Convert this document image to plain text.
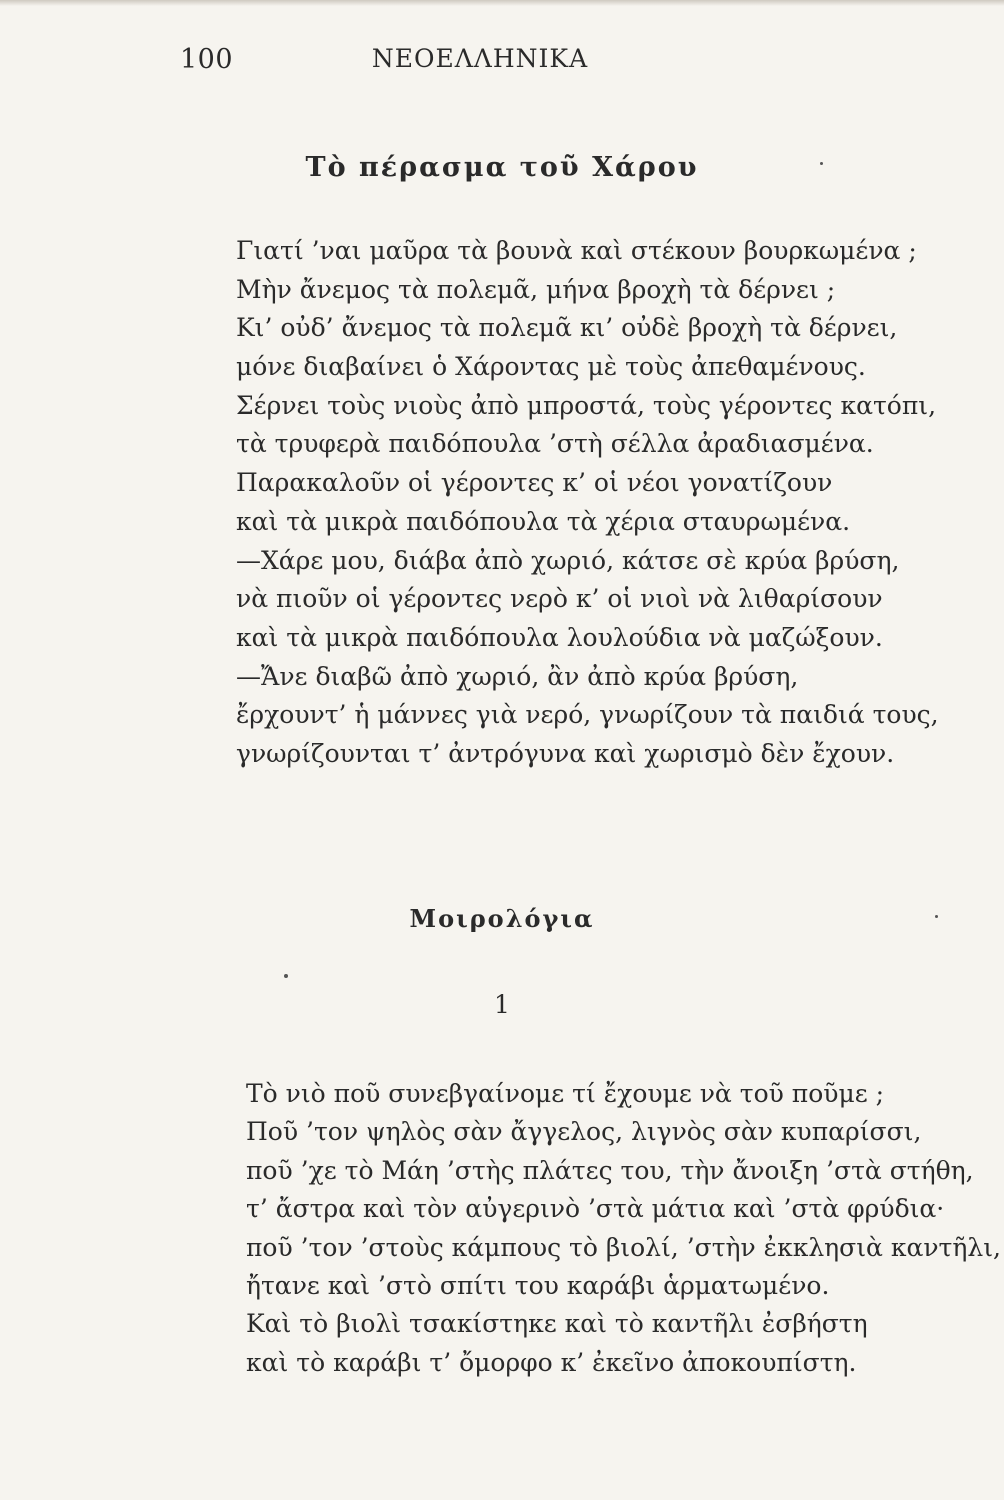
100	ΝΕΟΕΛΛΗΝΙΚΑ
Τὸ πέρασμα τοῦ Χάρου
Γιατί ’ναι μαῦρα τὰ βουνὰ καὶ στέκουν βουρκωμένα ;
Μὴν ἄνεμος τὰ πολεμᾶ, μήνα βροχὴ τὰ δέρνει ;
Κι’ οὐδ’ ἄνεμος τὰ πολεμᾶ κι’ οὐδὲ βροχὴ τὰ δέρνει,
μόνε διαβαίνει ὁ Χάροντας μὲ τοὺς ἀπεθαμένους.
Σέρνει τοὺς νιοὺς ἀπὸ μπροστά, τοὺς γέροντες κατόπι,
τὰ τρυφερὰ παιδόπουλα ’στὴ σέλλα ἀραδιασμένα.
Παρακαλοῦν οἱ γέροντες κ’ οἱ νέοι γονατίζουν
καὶ τὰ μικρὰ παιδόπουλα τὰ χέρια σταυρωμένα.
—Χάρε μου, διάβα ἀπὸ χωριό, κάτσε σὲ κρύα βρύση,
νὰ πιοῦν οἱ γέροντες νερὸ κ’ οἱ νιοὶ νὰ λιθαρίσουν
καὶ τὰ μικρὰ παιδόπουλα λουλούδια νὰ μαζώξουν.
—Ἄνε διαβῶ ἀπὸ χωριό, ἂν ἀπὸ κρύα βρύση,
ἔρχουντ’ ἡ μάννες γιὰ νερό, γνωρίζουν τὰ παιδιά τους,
γνωρίζουνται τ’ ἀντρόγυνα καὶ χωρισμὸ δὲν ἔχουν.
Μοιρολόγια
1
Τὸ νιὸ ποῦ συνεβγαίνομε τί ἔχουμε νὰ τοῦ ποῦμε ;
Ποῦ ’τον ψηλὸς σὰν ἄγγελος, λιγνὸς σὰν κυπαρίσσι,
ποῦ ’χε τὸ Μάη ’στὴς πλάτες του, τὴν ἄνοιξη ’στὰ στήθη,
τ’ ἄστρα καὶ τὸν αὐγερινὸ ’στὰ μάτια καὶ ’στὰ φρύδια·
ποῦ ’τον ’στοὺς κάμπους τὸ βιολί, ’στὴν ἐκκλησιὰ καντῆλι,
ἤτανε καὶ ’στὸ σπίτι του καράβι ἁρματωμένο.
Καὶ τὸ βιολὶ τσακίστηκε καὶ τὸ καντῆλι ἐσβήστη
καὶ τὸ καράβι τ’ ὄμορφο κ’ ἐκεῖνο ἀποκουπίστη.
